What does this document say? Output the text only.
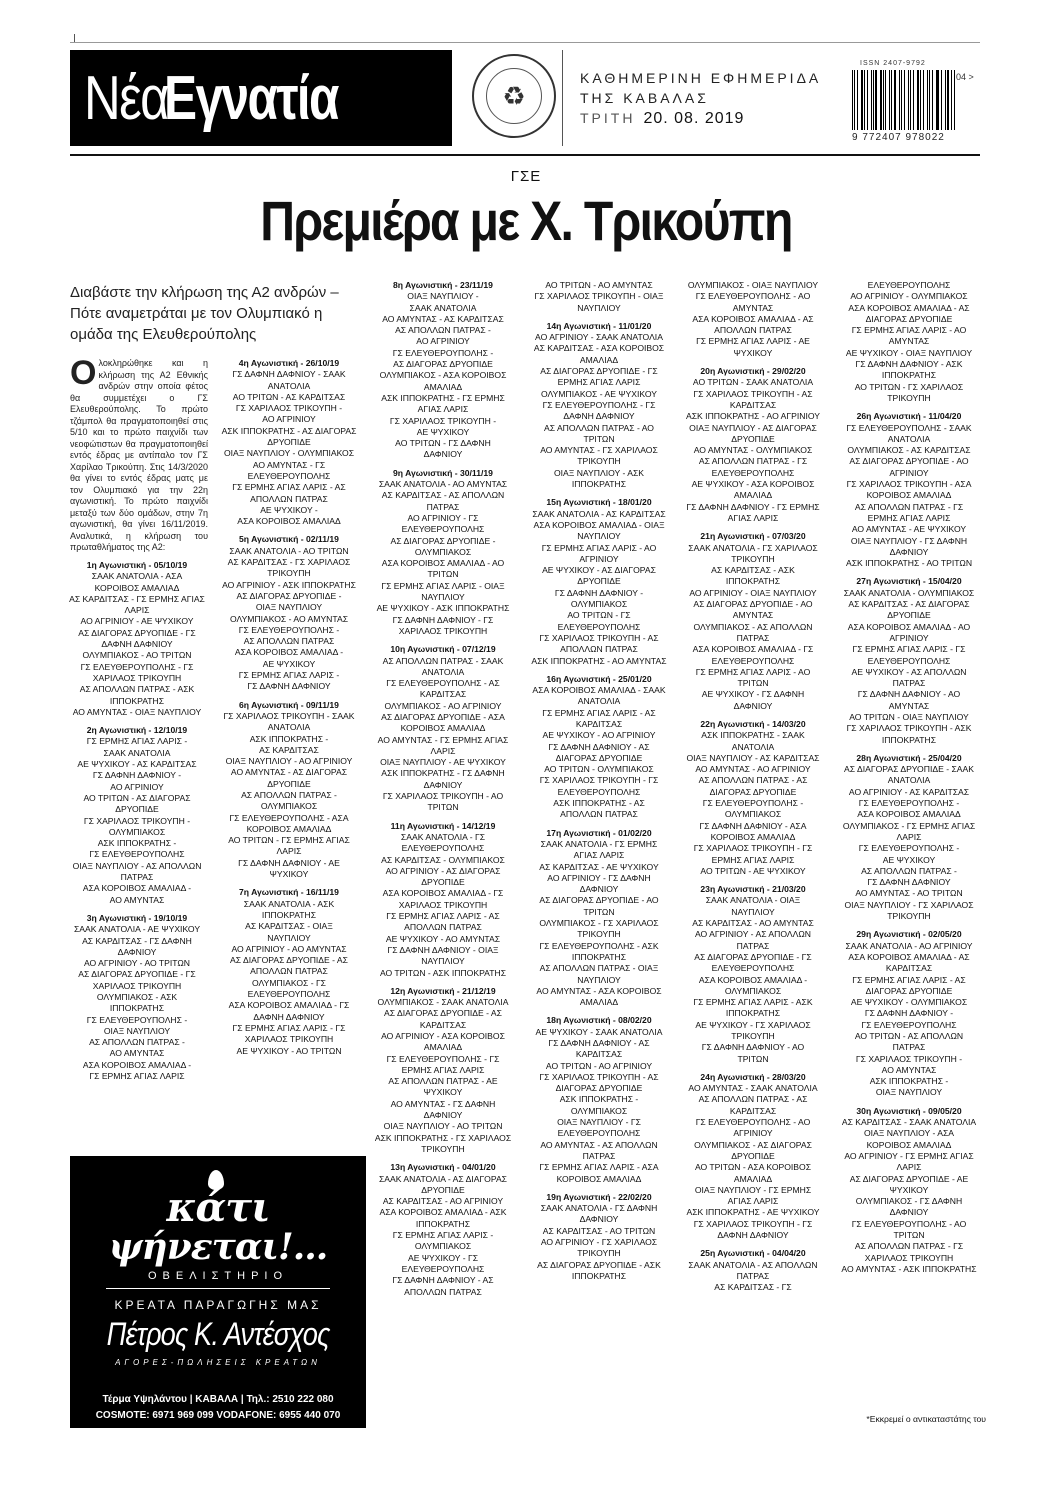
Νέα
Εγνατία	♻
ΚΑΘΗΜΕΡΙΝΗ ΕΦΗΜΕΡΙΔΑ
ΤΗΣ ΚΑΒΑΛΑΣ
ΤΡΙΤΗ 20. 08. 2019
ISSN 2407-9792
04 >
9 772407 978022
ΓΣΕ
Πρεμιέρα με Χ. Τρικούπη
Διαβάστε την κλήρωση της Α2 ανδρών – Πότε αναμετράται με τον Ολυμπιακό η ομάδα της Ελευθερούπολης
Ολοκληρώθηκε και η κλήρωση της Α2 Εθνικής ανδρών στην οποία φέτος θα συμμετέχει ο ΓΣ Ελευθερούπολης. Το πρώτο τζάμπολ θα πραγματοποιηθεί στις 5/10 και το πρώτο παιχνίδι των νεοφώτιστων θα πραγματοποιηθεί εντός έδρας με αντίπαλο τον ΓΣ Χαρίλαο Τρικούπη. Στις 14/3/2020 θα γίνει το εντός έδρας ματς με τον Ολυμπιακό για την 22η αγωνιστική. Το πρώτο παιχνίδι μεταξύ των δύο ομάδων, στην 7η αγωνιστική, θα γίνει 16/11/2019. Αναλυτικά, η κλήρωση του πρωταθλήματος της Α2:
1η Αγωνιστική - 05/10/19
ΣΑΑΚ ΑΝΑΤΟΛΙΑ - ΑΣΑ
ΚΟΡΟΙΒΟΣ ΑΜΑΛΙΑΔ
ΑΣ ΚΑΡΔΙΤΣΑΣ - ΓΣ ΕΡΜΗΣ ΑΓΙΑΣ
ΛΑΡΙΣ
ΑΟ ΑΓΡΙΝΙΟΥ - ΑΕ ΨΥΧΙΚΟΥ
ΑΣ ΔΙΑΓΟΡΑΣ ΔΡΥΟΠΙΔΕ - ΓΣ
ΔΑΦΝΗ ΔΑΦΝΙΟΥ
ΟΛΥΜΠΙΑΚΟΣ - ΑΟ ΤΡΙΤΩΝ
ΓΣ ΕΛΕΥΘΕΡΟΥΠΟΛΗΣ - ΓΣ
ΧΑΡΙΛΑΟΣ ΤΡΙΚΟΥΠΗ
ΑΣ ΑΠΟΛΛΩΝ ΠΑΤΡΑΣ - ΑΣΚ
ΙΠΠΟΚΡΑΤΗΣ
ΑΟ ΑΜΥΝΤΑΣ - ΟΙΑΞ ΝΑΥΠΛΙΟΥ
2η Αγωνιστική - 12/10/19
ΓΣ ΕΡΜΗΣ ΑΓΙΑΣ ΛΑΡΙΣ -
ΣΑΑΚ ΑΝΑΤΟΛΙΑ
ΑΕ ΨΥΧΙΚΟΥ - ΑΣ ΚΑΡΔΙΤΣΑΣ
ΓΣ ΔΑΦΝΗ ΔΑΦΝΙΟΥ -
ΑΟ ΑΓΡΙΝΙΟΥ
ΑΟ ΤΡΙΤΩΝ - ΑΣ ΔΙΑΓΟΡΑΣ
ΔΡΥΟΠΙΔΕ
ΓΣ ΧΑΡΙΛΑΟΣ ΤΡΙΚΟΥΠΗ -
ΟΛΥΜΠΙΑΚΟΣ
ΑΣΚ ΙΠΠΟΚΡΑΤΗΣ -
ΓΣ ΕΛΕΥΘΕΡΟΥΠΟΛΗΣ
ΟΙΑΞ ΝΑΥΠΛΙΟΥ - ΑΣ ΑΠΟΛΛΩΝ
ΠΑΤΡΑΣ
ΑΣΑ ΚΟΡΟΙΒΟΣ ΑΜΑΛΙΑΔ -
ΑΟ ΑΜΥΝΤΑΣ
3η Αγωνιστική - 19/10/19
ΣΑΑΚ ΑΝΑΤΟΛΙΑ - ΑΕ ΨΥΧΙΚΟΥ
ΑΣ ΚΑΡΔΙΤΣΑΣ - ΓΣ ΔΑΦΝΗ
ΔΑΦΝΙΟΥ
ΑΟ ΑΓΡΙΝΙΟΥ - ΑΟ ΤΡΙΤΩΝ
ΑΣ ΔΙΑΓΟΡΑΣ ΔΡΥΟΠΙΔΕ - ΓΣ
ΧΑΡΙΛΑΟΣ ΤΡΙΚΟΥΠΗ
ΟΛΥΜΠΙΑΚΟΣ - ΑΣΚ
ΙΠΠΟΚΡΑΤΗΣ
ΓΣ ΕΛΕΥΘΕΡΟΥΠΟΛΗΣ -
ΟΙΑΞ ΝΑΥΠΛΙΟΥ
ΑΣ ΑΠΟΛΛΩΝ ΠΑΤΡΑΣ -
ΑΟ ΑΜΥΝΤΑΣ
ΑΣΑ ΚΟΡΟΙΒΟΣ ΑΜΑΛΙΑΔ -
ΓΣ ΕΡΜΗΣ ΑΓΙΑΣ ΛΑΡΙΣ
4η Αγωνιστική - 26/10/19
ΓΣ ΔΑΦΝΗ ΔΑΦΝΙΟΥ - ΣΑΑΚ
ΑΝΑΤΟΛΙΑ
ΑΟ ΤΡΙΤΩΝ - ΑΣ ΚΑΡΔΙΤΣΑΣ
ΓΣ ΧΑΡΙΛΑΟΣ ΤΡΙΚΟΥΠΗ -
ΑΟ ΑΓΡΙΝΙΟΥ
ΑΣΚ ΙΠΠΟΚΡΑΤΗΣ - ΑΣ ΔΙΑΓΟΡΑΣ
ΔΡΥΟΠΙΔΕ
ΟΙΑΞ ΝΑΥΠΛΙΟΥ - ΟΛΥΜΠΙΑΚΟΣ
ΑΟ ΑΜΥΝΤΑΣ - ΓΣ
ΕΛΕΥΘΕΡΟΥΠΟΛΗΣ
ΓΣ ΕΡΜΗΣ ΑΓΙΑΣ ΛΑΡΙΣ - ΑΣ
ΑΠΟΛΛΩΝ ΠΑΤΡΑΣ
ΑΕ ΨΥΧΙΚΟΥ -
ΑΣΑ ΚΟΡΟΙΒΟΣ ΑΜΑΛΙΑΔ
5η Αγωνιστική - 02/11/19
ΣΑΑΚ ΑΝΑΤΟΛΙΑ - ΑΟ ΤΡΙΤΩΝ
ΑΣ ΚΑΡΔΙΤΣΑΣ - ΓΣ ΧΑΡΙΛΑΟΣ
ΤΡΙΚΟΥΠΗ
ΑΟ ΑΓΡΙΝΙΟΥ - ΑΣΚ ΙΠΠΟΚΡΑΤΗΣ
ΑΣ ΔΙΑΓΟΡΑΣ ΔΡΥΟΠΙΔΕ -
ΟΙΑΞ ΝΑΥΠΛΙΟΥ
ΟΛΥΜΠΙΑΚΟΣ - ΑΟ ΑΜΥΝΤΑΣ
ΓΣ ΕΛΕΥΘΕΡΟΥΠΟΛΗΣ -
ΑΣ ΑΠΟΛΛΩΝ ΠΑΤΡΑΣ
ΑΣΑ ΚΟΡΟΙΒΟΣ ΑΜΑΛΙΑΔ -
ΑΕ ΨΥΧΙΚΟΥ
ΓΣ ΕΡΜΗΣ ΑΓΙΑΣ ΛΑΡΙΣ -
ΓΣ ΔΑΦΝΗ ΔΑΦΝΙΟΥ
6η Αγωνιστική - 09/11/19
ΓΣ ΧΑΡΙΛΑΟΣ ΤΡΙΚΟΥΠΗ - ΣΑΑΚ
ΑΝΑΤΟΛΙΑ
ΑΣΚ ΙΠΠΟΚΡΑΤΗΣ -
ΑΣ ΚΑΡΔΙΤΣΑΣ
ΟΙΑΞ ΝΑΥΠΛΙΟΥ - ΑΟ ΑΓΡΙΝΙΟΥ
ΑΟ ΑΜΥΝΤΑΣ - ΑΣ ΔΙΑΓΟΡΑΣ
ΔΡΥΟΠΙΔΕ
ΑΣ ΑΠΟΛΛΩΝ ΠΑΤΡΑΣ -
ΟΛΥΜΠΙΑΚΟΣ
ΓΣ ΕΛΕΥΘΕΡΟΥΠΟΛΗΣ - ΑΣΑ
ΚΟΡΟΙΒΟΣ ΑΜΑΛΙΑΔ
ΑΟ ΤΡΙΤΩΝ - ΓΣ ΕΡΜΗΣ ΑΓΙΑΣ
ΛΑΡΙΣ
ΓΣ ΔΑΦΝΗ ΔΑΦΝΙΟΥ - ΑΕ
ΨΥΧΙΚΟΥ
7η Αγωνιστική - 16/11/19
ΣΑΑΚ ΑΝΑΤΟΛΙΑ - ΑΣΚ
ΙΠΠΟΚΡΑΤΗΣ
ΑΣ ΚΑΡΔΙΤΣΑΣ - ΟΙΑΞ
ΝΑΥΠΛΙΟΥ
ΑΟ ΑΓΡΙΝΙΟΥ - ΑΟ ΑΜΥΝΤΑΣ
ΑΣ ΔΙΑΓΟΡΑΣ ΔΡΥΟΠΙΔΕ - ΑΣ
ΑΠΟΛΛΩΝ ΠΑΤΡΑΣ
ΟΛΥΜΠΙΑΚΟΣ - ΓΣ
ΕΛΕΥΘΕΡΟΥΠΟΛΗΣ
ΑΣΑ ΚΟΡΟΙΒΟΣ ΑΜΑΛΙΑΔ - ΓΣ
ΔΑΦΝΗ ΔΑΦΝΙΟΥ
ΓΣ ΕΡΜΗΣ ΑΓΙΑΣ ΛΑΡΙΣ - ΓΣ
ΧΑΡΙΛΑΟΣ ΤΡΙΚΟΥΠΗ
ΑΕ ΨΥΧΙΚΟΥ - ΑΟ ΤΡΙΤΩΝ
8η Αγωνιστική - 23/11/19
ΟΙΑΞ ΝΑΥΠΛΙΟΥ -
ΣΑΑΚ ΑΝΑΤΟΛΙΑ
ΑΟ ΑΜΥΝΤΑΣ - ΑΣ ΚΑΡΔΙΤΣΑΣ
ΑΣ ΑΠΟΛΛΩΝ ΠΑΤΡΑΣ -
ΑΟ ΑΓΡΙΝΙΟΥ
ΓΣ ΕΛΕΥΘΕΡΟΥΠΟΛΗΣ -
ΑΣ ΔΙΑΓΟΡΑΣ ΔΡΥΟΠΙΔΕ
ΟΛΥΜΠΙΑΚΟΣ - ΑΣΑ ΚΟΡΟΙΒΟΣ
ΑΜΑΛΙΑΔ
ΑΣΚ ΙΠΠΟΚΡΑΤΗΣ - ΓΣ ΕΡΜΗΣ
ΑΓΙΑΣ ΛΑΡΙΣ
ΓΣ ΧΑΡΙΛΑΟΣ ΤΡΙΚΟΥΠΗ -
ΑΕ ΨΥΧΙΚΟΥ
ΑΟ ΤΡΙΤΩΝ - ΓΣ ΔΑΦΝΗ
ΔΑΦΝΙΟΥ
9η Αγωνιστική - 30/11/19
ΣΑΑΚ ΑΝΑΤΟΛΙΑ - ΑΟ ΑΜΥΝΤΑΣ
ΑΣ ΚΑΡΔΙΤΣΑΣ - ΑΣ ΑΠΟΛΛΩΝ
ΠΑΤΡΑΣ
ΑΟ ΑΓΡΙΝΙΟΥ - ΓΣ
ΕΛΕΥΘΕΡΟΥΠΟΛΗΣ
ΑΣ ΔΙΑΓΟΡΑΣ ΔΡΥΟΠΙΔΕ -
ΟΛΥΜΠΙΑΚΟΣ
ΑΣΑ ΚΟΡΟΙΒΟΣ ΑΜΑΛΙΑΔ - ΑΟ
ΤΡΙΤΩΝ
ΓΣ ΕΡΜΗΣ ΑΓΙΑΣ ΛΑΡΙΣ - ΟΙΑΞ
ΝΑΥΠΛΙΟΥ
ΑΕ ΨΥΧΙΚΟΥ - ΑΣΚ ΙΠΠΟΚΡΑΤΗΣ
ΓΣ ΔΑΦΝΗ ΔΑΦΝΙΟΥ - ΓΣ
ΧΑΡΙΛΑΟΣ ΤΡΙΚΟΥΠΗ
10η Αγωνιστική - 07/12/19
ΑΣ ΑΠΟΛΛΩΝ ΠΑΤΡΑΣ - ΣΑΑΚ
ΑΝΑΤΟΛΙΑ
ΓΣ ΕΛΕΥΘΕΡΟΥΠΟΛΗΣ - ΑΣ
ΚΑΡΔΙΤΣΑΣ
ΟΛΥΜΠΙΑΚΟΣ - ΑΟ ΑΓΡΙΝΙΟΥ
ΑΣ ΔΙΑΓΟΡΑΣ ΔΡΥΟΠΙΔΕ - ΑΣΑ
ΚΟΡΟΙΒΟΣ ΑΜΑΛΙΑΔ
ΑΟ ΑΜΥΝΤΑΣ - ΓΣ ΕΡΜΗΣ ΑΓΙΑΣ
ΛΑΡΙΣ
ΟΙΑΞ ΝΑΥΠΛΙΟΥ - ΑΕ ΨΥΧΙΚΟΥ
ΑΣΚ ΙΠΠΟΚΡΑΤΗΣ - ΓΣ ΔΑΦΝΗ
ΔΑΦΝΙΟΥ
ΓΣ ΧΑΡΙΛΑΟΣ ΤΡΙΚΟΥΠΗ - ΑΟ
ΤΡΙΤΩΝ
11η Αγωνιστική - 14/12/19
ΣΑΑΚ ΑΝΑΤΟΛΙΑ - ΓΣ
ΕΛΕΥΘΕΡΟΥΠΟΛΗΣ
ΑΣ ΚΑΡΔΙΤΣΑΣ - ΟΛΥΜΠΙΑΚΟΣ
ΑΟ ΑΓΡΙΝΙΟΥ - ΑΣ ΔΙΑΓΟΡΑΣ
ΔΡΥΟΠΙΔΕ
ΑΣΑ ΚΟΡΟΙΒΟΣ ΑΜΑΛΙΑΔ - ΓΣ
ΧΑΡΙΛΑΟΣ ΤΡΙΚΟΥΠΗ
ΓΣ ΕΡΜΗΣ ΑΓΙΑΣ ΛΑΡΙΣ - ΑΣ
ΑΠΟΛΛΩΝ ΠΑΤΡΑΣ
ΑΕ ΨΥΧΙΚΟΥ - ΑΟ ΑΜΥΝΤΑΣ
ΓΣ ΔΑΦΝΗ ΔΑΦΝΙΟΥ - ΟΙΑΞ
ΝΑΥΠΛΙΟΥ
ΑΟ ΤΡΙΤΩΝ - ΑΣΚ ΙΠΠΟΚΡΑΤΗΣ
12η Αγωνιστική - 21/12/19
ΟΛΥΜΠΙΑΚΟΣ - ΣΑΑΚ ΑΝΑΤΟΛΙΑ
ΑΣ ΔΙΑΓΟΡΑΣ ΔΡΥΟΠΙΔΕ - ΑΣ
ΚΑΡΔΙΤΣΑΣ
ΑΟ ΑΓΡΙΝΙΟΥ - ΑΣΑ ΚΟΡΟΙΒΟΣ
ΑΜΑΛΙΑΔ
ΓΣ ΕΛΕΥΘΕΡΟΥΠΟΛΗΣ - ΓΣ
ΕΡΜΗΣ ΑΓΙΑΣ ΛΑΡΙΣ
ΑΣ ΑΠΟΛΛΩΝ ΠΑΤΡΑΣ - ΑΕ
ΨΥΧΙΚΟΥ
ΑΟ ΑΜΥΝΤΑΣ - ΓΣ ΔΑΦΝΗ
ΔΑΦΝΙΟΥ
ΟΙΑΞ ΝΑΥΠΛΙΟΥ - ΑΟ ΤΡΙΤΩΝ
ΑΣΚ ΙΠΠΟΚΡΑΤΗΣ - ΓΣ ΧΑΡΙΛΑΟΣ
ΤΡΙΚΟΥΠΗ
13η Αγωνιστική - 04/01/20
ΣΑΑΚ ΑΝΑΤΟΛΙΑ - ΑΣ ΔΙΑΓΟΡΑΣ
ΔΡΥΟΠΙΔΕ
ΑΣ ΚΑΡΔΙΤΣΑΣ - ΑΟ ΑΓΡΙΝΙΟΥ
ΑΣΑ ΚΟΡΟΙΒΟΣ ΑΜΑΛΙΑΔ - ΑΣΚ
ΙΠΠΟΚΡΑΤΗΣ
ΓΣ ΕΡΜΗΣ ΑΓΙΑΣ ΛΑΡΙΣ -
ΟΛΥΜΠΙΑΚΟΣ
ΑΕ ΨΥΧΙΚΟΥ - ΓΣ
ΕΛΕΥΘΕΡΟΥΠΟΛΗΣ
ΓΣ ΔΑΦΝΗ ΔΑΦΝΙΟΥ - ΑΣ
ΑΠΟΛΛΩΝ ΠΑΤΡΑΣ
ΑΟ ΤΡΙΤΩΝ - ΑΟ ΑΜΥΝΤΑΣ
ΓΣ ΧΑΡΙΛΑΟΣ ΤΡΙΚΟΥΠΗ - ΟΙΑΞ
ΝΑΥΠΛΙΟΥ
14η Αγωνιστική - 11/01/20
ΑΟ ΑΓΡΙΝΙΟΥ - ΣΑΑΚ ΑΝΑΤΟΛΙΑ
ΑΣ ΚΑΡΔΙΤΣΑΣ - ΑΣΑ ΚΟΡΟΙΒΟΣ
ΑΜΑΛΙΑΔ
ΑΣ ΔΙΑΓΟΡΑΣ ΔΡΥΟΠΙΔΕ - ΓΣ
ΕΡΜΗΣ ΑΓΙΑΣ ΛΑΡΙΣ
ΟΛΥΜΠΙΑΚΟΣ - ΑΕ ΨΥΧΙΚΟΥ
ΓΣ ΕΛΕΥΘΕΡΟΥΠΟΛΗΣ - ΓΣ
ΔΑΦΝΗ ΔΑΦΝΙΟΥ
ΑΣ ΑΠΟΛΛΩΝ ΠΑΤΡΑΣ - ΑΟ
ΤΡΙΤΩΝ
ΑΟ ΑΜΥΝΤΑΣ - ΓΣ ΧΑΡΙΛΑΟΣ
ΤΡΙΚΟΥΠΗ
ΟΙΑΞ ΝΑΥΠΛΙΟΥ - ΑΣΚ
ΙΠΠΟΚΡΑΤΗΣ
15η Αγωνιστική - 18/01/20
ΣΑΑΚ ΑΝΑΤΟΛΙΑ - ΑΣ ΚΑΡΔΙΤΣΑΣ
ΑΣΑ ΚΟΡΟΙΒΟΣ ΑΜΑΛΙΑΔ - ΟΙΑΞ
ΝΑΥΠΛΙΟΥ
ΓΣ ΕΡΜΗΣ ΑΓΙΑΣ ΛΑΡΙΣ - ΑΟ
ΑΓΡΙΝΙΟΥ
ΑΕ ΨΥΧΙΚΟΥ - ΑΣ ΔΙΑΓΟΡΑΣ
ΔΡΥΟΠΙΔΕ
ΓΣ ΔΑΦΝΗ ΔΑΦΝΙΟΥ -
ΟΛΥΜΠΙΑΚΟΣ
ΑΟ ΤΡΙΤΩΝ - ΓΣ
ΕΛΕΥΘΕΡΟΥΠΟΛΗΣ
ΓΣ ΧΑΡΙΛΑΟΣ ΤΡΙΚΟΥΠΗ - ΑΣ
ΑΠΟΛΛΩΝ ΠΑΤΡΑΣ
ΑΣΚ ΙΠΠΟΚΡΑΤΗΣ - ΑΟ ΑΜΥΝΤΑΣ
16η Αγωνιστική - 25/01/20
ΑΣΑ ΚΟΡΟΙΒΟΣ ΑΜΑΛΙΑΔ - ΣΑΑΚ
ΑΝΑΤΟΛΙΑ
ΓΣ ΕΡΜΗΣ ΑΓΙΑΣ ΛΑΡΙΣ - ΑΣ
ΚΑΡΔΙΤΣΑΣ
ΑΕ ΨΥΧΙΚΟΥ - ΑΟ ΑΓΡΙΝΙΟΥ
ΓΣ ΔΑΦΝΗ ΔΑΦΝΙΟΥ - ΑΣ
ΔΙΑΓΟΡΑΣ ΔΡΥΟΠΙΔΕ
ΑΟ ΤΡΙΤΩΝ - ΟΛΥΜΠΙΑΚΟΣ
ΓΣ ΧΑΡΙΛΑΟΣ ΤΡΙΚΟΥΠΗ - ΓΣ
ΕΛΕΥΘΕΡΟΥΠΟΛΗΣ
ΑΣΚ ΙΠΠΟΚΡΑΤΗΣ - ΑΣ
ΑΠΟΛΛΩΝ ΠΑΤΡΑΣ
17η Αγωνιστική - 01/02/20
ΣΑΑΚ ΑΝΑΤΟΛΙΑ - ΓΣ ΕΡΜΗΣ
ΑΓΙΑΣ ΛΑΡΙΣ
ΑΣ ΚΑΡΔΙΤΣΑΣ - ΑΕ ΨΥΧΙΚΟΥ
ΑΟ ΑΓΡΙΝΙΟΥ - ΓΣ ΔΑΦΝΗ
ΔΑΦΝΙΟΥ
ΑΣ ΔΙΑΓΟΡΑΣ ΔΡΥΟΠΙΔΕ - ΑΟ
ΤΡΙΤΩΝ
ΟΛΥΜΠΙΑΚΟΣ - ΓΣ ΧΑΡΙΛΑΟΣ
ΤΡΙΚΟΥΠΗ
ΓΣ ΕΛΕΥΘΕΡΟΥΠΟΛΗΣ - ΑΣΚ
ΙΠΠΟΚΡΑΤΗΣ
ΑΣ ΑΠΟΛΛΩΝ ΠΑΤΡΑΣ - ΟΙΑΞ
ΝΑΥΠΛΙΟΥ
ΑΟ ΑΜΥΝΤΑΣ - ΑΣΑ ΚΟΡΟΙΒΟΣ
ΑΜΑΛΙΑΔ
18η Αγωνιστική - 08/02/20
ΑΕ ΨΥΧΙΚΟΥ - ΣΑΑΚ ΑΝΑΤΟΛΙΑ
ΓΣ ΔΑΦΝΗ ΔΑΦΝΙΟΥ - ΑΣ
ΚΑΡΔΙΤΣΑΣ
ΑΟ ΤΡΙΤΩΝ - ΑΟ ΑΓΡΙΝΙΟΥ
ΓΣ ΧΑΡΙΛΑΟΣ ΤΡΙΚΟΥΠΗ - ΑΣ
ΔΙΑΓΟΡΑΣ ΔΡΥΟΠΙΔΕ
ΑΣΚ ΙΠΠΟΚΡΑΤΗΣ -
ΟΛΥΜΠΙΑΚΟΣ
ΟΙΑΞ ΝΑΥΠΛΙΟΥ - ΓΣ
ΕΛΕΥΘΕΡΟΥΠΟΛΗΣ
ΑΟ ΑΜΥΝΤΑΣ - ΑΣ ΑΠΟΛΛΩΝ
ΠΑΤΡΑΣ
ΓΣ ΕΡΜΗΣ ΑΓΙΑΣ ΛΑΡΙΣ - ΑΣΑ
ΚΟΡΟΙΒΟΣ ΑΜΑΛΙΑΔ
19η Αγωνιστική - 22/02/20
ΣΑΑΚ ΑΝΑΤΟΛΙΑ - ΓΣ ΔΑΦΝΗ
ΔΑΦΝΙΟΥ
ΑΣ ΚΑΡΔΙΤΣΑΣ - ΑΟ ΤΡΙΤΩΝ
ΑΟ ΑΓΡΙΝΙΟΥ - ΓΣ ΧΑΡΙΛΑΟΣ
ΤΡΙΚΟΥΠΗ
ΑΣ ΔΙΑΓΟΡΑΣ ΔΡΥΟΠΙΔΕ - ΑΣΚ
ΙΠΠΟΚΡΑΤΗΣ
ΟΛΥΜΠΙΑΚΟΣ - ΟΙΑΞ ΝΑΥΠΛΙΟΥ
ΓΣ ΕΛΕΥΘΕΡΟΥΠΟΛΗΣ - ΑΟ
ΑΜΥΝΤΑΣ
ΑΣΑ ΚΟΡΟΙΒΟΣ ΑΜΑΛΙΑΔ - ΑΣ
ΑΠΟΛΛΩΝ ΠΑΤΡΑΣ
ΓΣ ΕΡΜΗΣ ΑΓΙΑΣ ΛΑΡΙΣ - ΑΕ
ΨΥΧΙΚΟΥ
20η Αγωνιστική - 29/02/20
ΑΟ ΤΡΙΤΩΝ - ΣΑΑΚ ΑΝΑΤΟΛΙΑ
ΓΣ ΧΑΡΙΛΑΟΣ ΤΡΙΚΟΥΠΗ - ΑΣ
ΚΑΡΔΙΤΣΑΣ
ΑΣΚ ΙΠΠΟΚΡΑΤΗΣ - ΑΟ ΑΓΡΙΝΙΟΥ
ΟΙΑΞ ΝΑΥΠΛΙΟΥ - ΑΣ ΔΙΑΓΟΡΑΣ
ΔΡΥΟΠΙΔΕ
ΑΟ ΑΜΥΝΤΑΣ - ΟΛΥΜΠΙΑΚΟΣ
ΑΣ ΑΠΟΛΛΩΝ ΠΑΤΡΑΣ - ΓΣ
ΕΛΕΥΘΕΡΟΥΠΟΛΗΣ
ΑΕ ΨΥΧΙΚΟΥ - ΑΣΑ ΚΟΡΟΙΒΟΣ
ΑΜΑΛΙΑΔ
ΓΣ ΔΑΦΝΗ ΔΑΦΝΙΟΥ - ΓΣ ΕΡΜΗΣ
ΑΓΙΑΣ ΛΑΡΙΣ
21η Αγωνιστική - 07/03/20
ΣΑΑΚ ΑΝΑΤΟΛΙΑ - ΓΣ ΧΑΡΙΛΑΟΣ
ΤΡΙΚΟΥΠΗ
ΑΣ ΚΑΡΔΙΤΣΑΣ - ΑΣΚ
ΙΠΠΟΚΡΑΤΗΣ
ΑΟ ΑΓΡΙΝΙΟΥ - ΟΙΑΞ ΝΑΥΠΛΙΟΥ
ΑΣ ΔΙΑΓΟΡΑΣ ΔΡΥΟΠΙΔΕ - ΑΟ
ΑΜΥΝΤΑΣ
ΟΛΥΜΠΙΑΚΟΣ - ΑΣ ΑΠΟΛΛΩΝ
ΠΑΤΡΑΣ
ΑΣΑ ΚΟΡΟΙΒΟΣ ΑΜΑΛΙΑΔ - ΓΣ
ΕΛΕΥΘΕΡΟΥΠΟΛΗΣ
ΓΣ ΕΡΜΗΣ ΑΓΙΑΣ ΛΑΡΙΣ - ΑΟ
ΤΡΙΤΩΝ
ΑΕ ΨΥΧΙΚΟΥ - ΓΣ ΔΑΦΝΗ
ΔΑΦΝΙΟΥ
22η Αγωνιστική - 14/03/20
ΑΣΚ ΙΠΠΟΚΡΑΤΗΣ - ΣΑΑΚ
ΑΝΑΤΟΛΙΑ
ΟΙΑΞ ΝΑΥΠΛΙΟΥ - ΑΣ ΚΑΡΔΙΤΣΑΣ
ΑΟ ΑΜΥΝΤΑΣ - ΑΟ ΑΓΡΙΝΙΟΥ
ΑΣ ΑΠΟΛΛΩΝ ΠΑΤΡΑΣ - ΑΣ
ΔΙΑΓΟΡΑΣ ΔΡΥΟΠΙΔΕ
ΓΣ ΕΛΕΥΘΕΡΟΥΠΟΛΗΣ -
ΟΛΥΜΠΙΑΚΟΣ
ΓΣ ΔΑΦΝΗ ΔΑΦΝΙΟΥ - ΑΣΑ
ΚΟΡΟΙΒΟΣ ΑΜΑΛΙΑΔ
ΓΣ ΧΑΡΙΛΑΟΣ ΤΡΙΚΟΥΠΗ - ΓΣ
ΕΡΜΗΣ ΑΓΙΑΣ ΛΑΡΙΣ
ΑΟ ΤΡΙΤΩΝ - ΑΕ ΨΥΧΙΚΟΥ
23η Αγωνιστική - 21/03/20
ΣΑΑΚ ΑΝΑΤΟΛΙΑ - ΟΙΑΞ
ΝΑΥΠΛΙΟΥ
ΑΣ ΚΑΡΔΙΤΣΑΣ - ΑΟ ΑΜΥΝΤΑΣ
ΑΟ ΑΓΡΙΝΙΟΥ - ΑΣ ΑΠΟΛΛΩΝ
ΠΑΤΡΑΣ
ΑΣ ΔΙΑΓΟΡΑΣ ΔΡΥΟΠΙΔΕ - ΓΣ
ΕΛΕΥΘΕΡΟΥΠΟΛΗΣ
ΑΣΑ ΚΟΡΟΙΒΟΣ ΑΜΑΛΙΑΔ -
ΟΛΥΜΠΙΑΚΟΣ
ΓΣ ΕΡΜΗΣ ΑΓΙΑΣ ΛΑΡΙΣ - ΑΣΚ
ΙΠΠΟΚΡΑΤΗΣ
ΑΕ ΨΥΧΙΚΟΥ - ΓΣ ΧΑΡΙΛΑΟΣ
ΤΡΙΚΟΥΠΗ
ΓΣ ΔΑΦΝΗ ΔΑΦΝΙΟΥ - ΑΟ
ΤΡΙΤΩΝ
24η Αγωνιστική - 28/03/20
ΑΟ ΑΜΥΝΤΑΣ - ΣΑΑΚ ΑΝΑΤΟΛΙΑ
ΑΣ ΑΠΟΛΛΩΝ ΠΑΤΡΑΣ - ΑΣ
ΚΑΡΔΙΤΣΑΣ
ΓΣ ΕΛΕΥΘΕΡΟΥΠΟΛΗΣ - ΑΟ
ΑΓΡΙΝΙΟΥ
ΟΛΥΜΠΙΑΚΟΣ - ΑΣ ΔΙΑΓΟΡΑΣ
ΔΡΥΟΠΙΔΕ
ΑΟ ΤΡΙΤΩΝ - ΑΣΑ ΚΟΡΟΙΒΟΣ
ΑΜΑΛΙΑΔ
ΟΙΑΞ ΝΑΥΠΛΙΟΥ - ΓΣ ΕΡΜΗΣ
ΑΓΙΑΣ ΛΑΡΙΣ
ΑΣΚ ΙΠΠΟΚΡΑΤΗΣ - ΑΕ ΨΥΧΙΚΟΥ
ΓΣ ΧΑΡΙΛΑΟΣ ΤΡΙΚΟΥΠΗ - ΓΣ
ΔΑΦΝΗ ΔΑΦΝΙΟΥ
25η Αγωνιστική - 04/04/20
ΣΑΑΚ ΑΝΑΤΟΛΙΑ - ΑΣ ΑΠΟΛΛΩΝ ΠΑΤΡΑΣ
ΑΣ ΚΑΡΔΙΤΣΑΣ - ΓΣ
ΕΛΕΥΘΕΡΟΥΠΟΛΗΣ
ΑΟ ΑΓΡΙΝΙΟΥ - ΟΛΥΜΠΙΑΚΟΣ
ΑΣΑ ΚΟΡΟΙΒΟΣ ΑΜΑΛΙΑΔ - ΑΣ
ΔΙΑΓΟΡΑΣ ΔΡΥΟΠΙΔΕ
ΓΣ ΕΡΜΗΣ ΑΓΙΑΣ ΛΑΡΙΣ - ΑΟ
ΑΜΥΝΤΑΣ
ΑΕ ΨΥΧΙΚΟΥ - ΟΙΑΞ ΝΑΥΠΛΙΟΥ
ΓΣ ΔΑΦΝΗ ΔΑΦΝΙΟΥ - ΑΣΚ
ΙΠΠΟΚΡΑΤΗΣ
ΑΟ ΤΡΙΤΩΝ - ΓΣ ΧΑΡΙΛΑΟΣ
ΤΡΙΚΟΥΠΗ
26η Αγωνιστική - 11/04/20
ΓΣ ΕΛΕΥΘΕΡΟΥΠΟΛΗΣ - ΣΑΑΚ
ΑΝΑΤΟΛΙΑ
ΟΛΥΜΠΙΑΚΟΣ - ΑΣ ΚΑΡΔΙΤΣΑΣ
ΑΣ ΔΙΑΓΟΡΑΣ ΔΡΥΟΠΙΔΕ - ΑΟ
ΑΓΡΙΝΙΟΥ
ΓΣ ΧΑΡΙΛΑΟΣ ΤΡΙΚΟΥΠΗ - ΑΣΑ
ΚΟΡΟΙΒΟΣ ΑΜΑΛΙΑΔ
ΑΣ ΑΠΟΛΛΩΝ ΠΑΤΡΑΣ - ΓΣ
ΕΡΜΗΣ ΑΓΙΑΣ ΛΑΡΙΣ
ΑΟ ΑΜΥΝΤΑΣ - ΑΕ ΨΥΧΙΚΟΥ
ΟΙΑΞ ΝΑΥΠΛΙΟΥ - ΓΣ ΔΑΦΝΗ
ΔΑΦΝΙΟΥ
ΑΣΚ ΙΠΠΟΚΡΑΤΗΣ - ΑΟ ΤΡΙΤΩΝ
27η Αγωνιστική - 15/04/20
ΣΑΑΚ ΑΝΑΤΟΛΙΑ - ΟΛΥΜΠΙΑΚΟΣ
ΑΣ ΚΑΡΔΙΤΣΑΣ - ΑΣ ΔΙΑΓΟΡΑΣ
ΔΡΥΟΠΙΔΕ
ΑΣΑ ΚΟΡΟΙΒΟΣ ΑΜΑΛΙΑΔ - ΑΟ
ΑΓΡΙΝΙΟΥ
ΓΣ ΕΡΜΗΣ ΑΓΙΑΣ ΛΑΡΙΣ - ΓΣ
ΕΛΕΥΘΕΡΟΥΠΟΛΗΣ
ΑΕ ΨΥΧΙΚΟΥ - ΑΣ ΑΠΟΛΛΩΝ
ΠΑΤΡΑΣ
ΓΣ ΔΑΦΝΗ ΔΑΦΝΙΟΥ - ΑΟ
ΑΜΥΝΤΑΣ
ΑΟ ΤΡΙΤΩΝ - ΟΙΑΞ ΝΑΥΠΛΙΟΥ
ΓΣ ΧΑΡΙΛΑΟΣ ΤΡΙΚΟΥΠΗ - ΑΣΚ
ΙΠΠΟΚΡΑΤΗΣ
28η Αγωνιστική - 25/04/20
ΑΣ ΔΙΑΓΟΡΑΣ ΔΡΥΟΠΙΔΕ - ΣΑΑΚ
ΑΝΑΤΟΛΙΑ
ΑΟ ΑΓΡΙΝΙΟΥ - ΑΣ ΚΑΡΔΙΤΣΑΣ
ΓΣ ΕΛΕΥΘΕΡΟΥΠΟΛΗΣ -
ΑΣΑ ΚΟΡΟΙΒΟΣ ΑΜΑΛΙΑΔ
ΟΛΥΜΠΙΑΚΟΣ - ΓΣ ΕΡΜΗΣ ΑΓΙΑΣ
ΛΑΡΙΣ
ΓΣ ΕΛΕΥΘΕΡΟΥΠΟΛΗΣ -
ΑΕ ΨΥΧΙΚΟΥ
ΑΣ ΑΠΟΛΛΩΝ ΠΑΤΡΑΣ -
ΓΣ ΔΑΦΝΗ ΔΑΦΝΙΟΥ
ΑΟ ΑΜΥΝΤΑΣ - ΑΟ ΤΡΙΤΩΝ
ΟΙΑΞ ΝΑΥΠΛΙΟΥ - ΓΣ ΧΑΡΙΛΑΟΣ
ΤΡΙΚΟΥΠΗ
29η Αγωνιστική - 02/05/20
ΣΑΑΚ ΑΝΑΤΟΛΙΑ - ΑΟ ΑΓΡΙΝΙΟΥ
ΑΣΑ ΚΟΡΟΙΒΟΣ ΑΜΑΛΙΑΔ - ΑΣ
ΚΑΡΔΙΤΣΑΣ
ΓΣ ΕΡΜΗΣ ΑΓΙΑΣ ΛΑΡΙΣ - ΑΣ
ΔΙΑΓΟΡΑΣ ΔΡΥΟΠΙΔΕ
ΑΕ ΨΥΧΙΚΟΥ - ΟΛΥΜΠΙΑΚΟΣ
ΓΣ ΔΑΦΝΗ ΔΑΦΝΙΟΥ -
ΓΣ ΕΛΕΥΘΕΡΟΥΠΟΛΗΣ
ΑΟ ΤΡΙΤΩΝ - ΑΣ ΑΠΟΛΛΩΝ
ΠΑΤΡΑΣ
ΓΣ ΧΑΡΙΛΑΟΣ ΤΡΙΚΟΥΠΗ -
ΑΟ ΑΜΥΝΤΑΣ
ΑΣΚ ΙΠΠΟΚΡΑΤΗΣ -
ΟΙΑΞ ΝΑΥΠΛΙΟΥ
30η Αγωνιστική - 09/05/20
ΑΣ ΚΑΡΔΙΤΣΑΣ - ΣΑΑΚ ΑΝΑΤΟΛΙΑ
ΟΙΑΞ ΝΑΥΠΛΙΟΥ - ΑΣΑ
ΚΟΡΟΙΒΟΣ ΑΜΑΛΙΑΔ
ΑΟ ΑΓΡΙΝΙΟΥ - ΓΣ ΕΡΜΗΣ ΑΓΙΑΣ
ΛΑΡΙΣ
ΑΣ ΔΙΑΓΟΡΑΣ ΔΡΥΟΠΙΔΕ - ΑΕ
ΨΥΧΙΚΟΥ
ΟΛΥΜΠΙΑΚΟΣ - ΓΣ ΔΑΦΝΗ
ΔΑΦΝΙΟΥ
ΓΣ ΕΛΕΥΘΕΡΟΥΠΟΛΗΣ - ΑΟ
ΤΡΙΤΩΝ
ΑΣ ΑΠΟΛΛΩΝ ΠΑΤΡΑΣ - ΓΣ
ΧΑΡΙΛΑΟΣ ΤΡΙΚΟΥΠΗ
ΑΟ ΑΜΥΝΤΑΣ - ΑΣΚ ΙΠΠΟΚΡΑΤΗΣ
*Εκκρεμεί ο αντικαταστάτης του
κάτι
ψήνεται!...
ΟΒΕΛΙΣΤΗΡΙΟ
ΚΡΕΑΤΑ ΠΑΡΑΓΩΓΗΣ ΜΑΣ
Πέτρος Κ. Αντέσχος
ΑΓΟΡΕΣ-ΠΩΛΗΣΕΙΣ ΚΡΕΑΤΩΝ
Τέρμα Υψηλάντου | ΚΑΒΑΛΑ | Τηλ.: 2510 222 080
COSMOTE: 6971 969 099 VODAFONE: 6955 440 070
